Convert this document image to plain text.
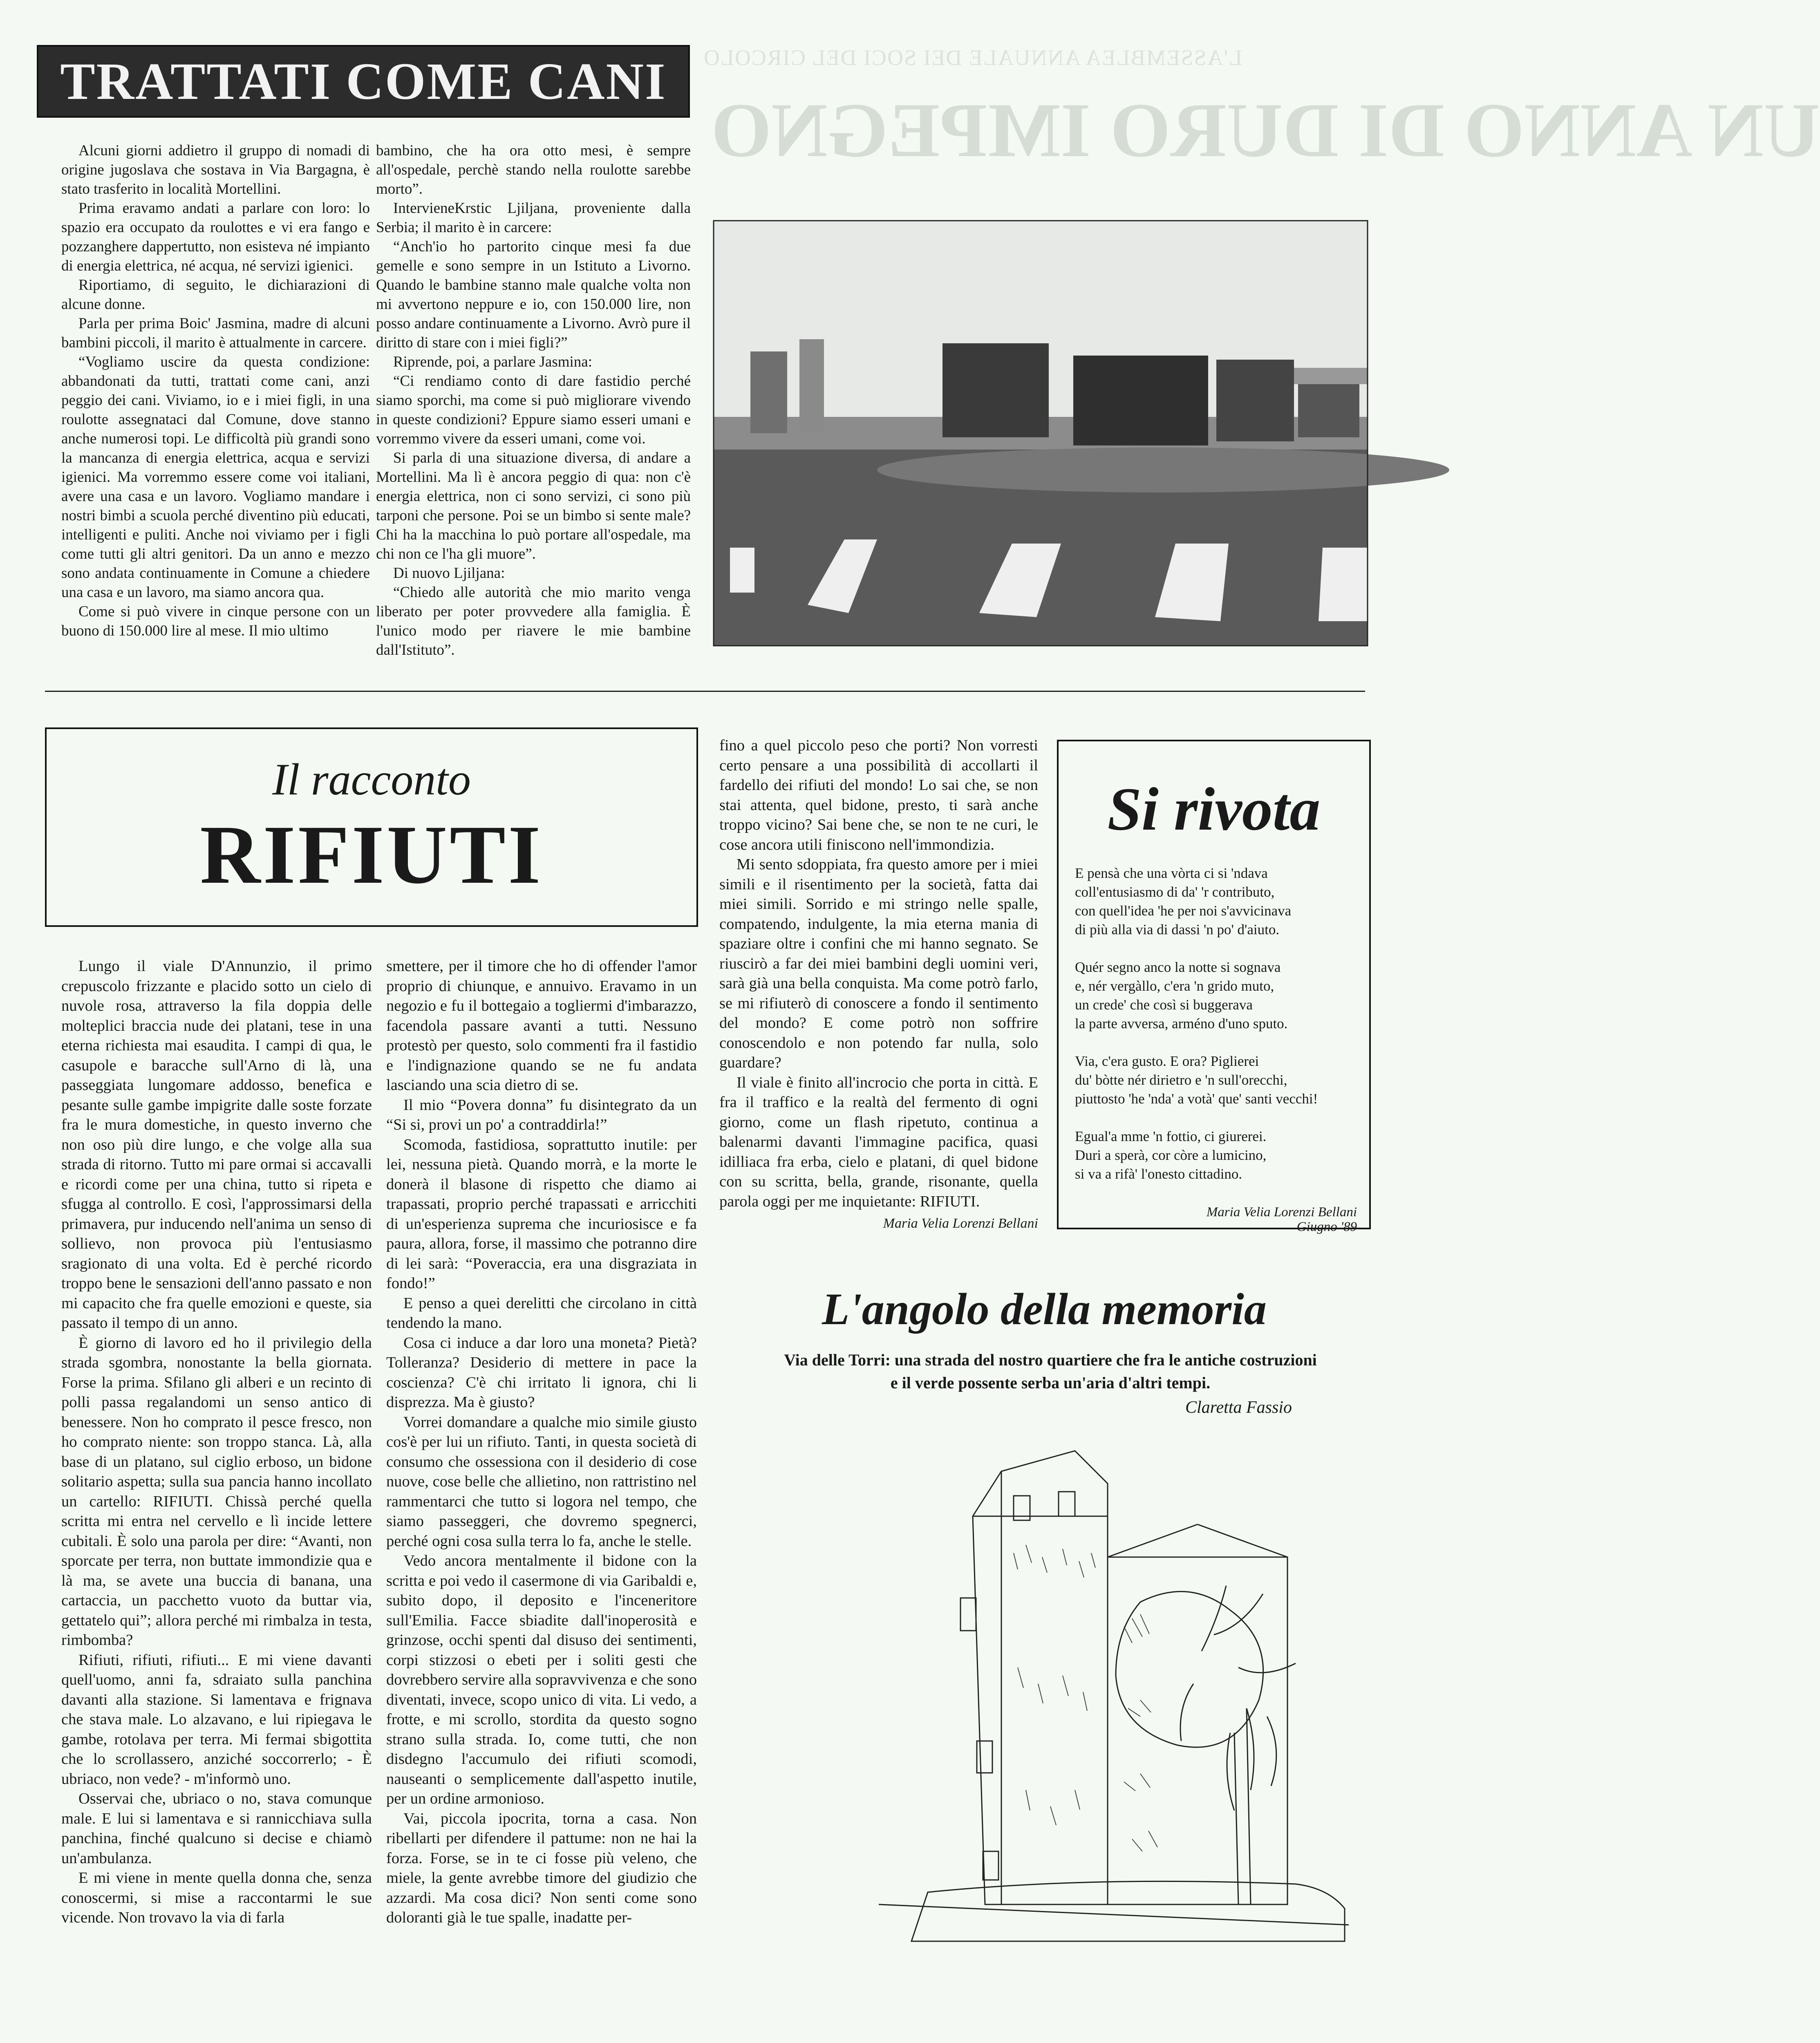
TRATTATI COME CANI

Alcuni giorni addietro il gruppo di nomadi di origine jugoslava che sostava in Via Bargagna, è stato trasferito in località Mortellini.

Prima eravamo andati a parlare con loro: lo spazio era occupato da roulottes e vi era fango e pozzanghere dappertutto, non esisteva né impianto di energia elettrica, né acqua, né servizi igienici.

Riportiamo, di seguito, le dichiarazioni di alcune donne.

Parla per prima Boic' Jasmina, madre di alcuni bambini piccoli, il marito è attualmente in carcere.

“Vogliamo uscire da questa condizione: abbandonati da tutti, trattati come cani, anzi peggio dei cani. Viviamo, io e i miei figli, in una roulotte assegnataci dal Comune, dove stanno anche numerosi topi. Le difficoltà più grandi sono la mancanza di energia elettrica, acqua e servizi igienici. Ma vorremmo essere come voi italiani, avere una casa e un lavoro. Vogliamo mandare i nostri bimbi a scuola perché diventino più educati, intelligenti e puliti. Anche noi viviamo per i figli come tutti gli altri genitori. Da un anno e mezzo sono andata continuamente in Comune a chiedere una casa e un lavoro, ma siamo ancora qua.

Come si può vivere in cinque persone con un buono di 150.000 lire al mese. Il mio ultimo

bambino, che ha ora otto mesi, è sempre all'ospedale, perchè stando nella roulotte sarebbe morto”.

IntervieneKrstic Ljiljana, proveniente dalla Serbia; il marito è in carcere:

“Anch'io ho partorito cinque mesi fa due gemelle e sono sempre in un Istituto a Livorno. Quando le bambine stanno male qualche volta non mi avvertono neppure e io, con 150.000 lire, non posso andare continuamente a Livorno. Avrò pure il diritto di stare con i miei figli?”

Riprende, poi, a parlare Jasmina:

“Ci rendiamo conto di dare fastidio perché siamo sporchi, ma come si può migliorare vivendo in queste condizioni? Eppure siamo esseri umani e vorremmo vivere da esseri umani, come voi.

Si parla di una situazione diversa, di andare a Mortellini. Ma lì è ancora peggio di qua: non c'è energia elettrica, non ci sono servizi, ci sono più tarponi che persone. Poi se un bimbo si sente male? Chi ha la macchina lo può portare all'ospedale, ma chi non ce l'ha gli muore”.

Di nuovo Ljiljana:

“Chiedo alle autorità che mio marito venga liberato per poter provvedere alla famiglia. È l'unico modo per riavere le mie bambine dall'Istituto”.

L'ASSEMBLEA ANNUALE DEI SOCI DEL CIRCOLO
UN ANNO DI DURO IMPEGNO
Il racconto
RIFIUTI

Lungo il viale D'Annunzio, il primo crepuscolo frizzante e placido sotto un cielo di nuvole rosa, attraverso la fila doppia delle molteplici braccia nude dei platani, tese in una eterna richiesta mai esaudita. I campi di qua, le casupole e baracche sull'Arno di là, una passeggiata lungomare addosso, benefica e pesante sulle gambe impigrite dalle soste forzate fra le mura domestiche, in questo inverno che non oso più dire lungo, e che volge alla sua strada di ritorno. Tutto mi pare ormai si accavalli e ricordi come per una china, tutto si ripeta e sfugga al controllo. E così, l'approssimarsi della primavera, pur inducendo nell'anima un senso di sollievo, non provoca più l'entusiasmo sragionato di una volta. Ed è perché ricordo troppo bene le sensazioni dell'anno passato e non mi capacito che fra quelle emozioni e queste, sia passato il tempo di un anno.

È giorno di lavoro ed ho il privilegio della strada sgombra, nonostante la bella giornata. Forse la prima. Sfilano gli alberi e un recinto di polli passa regalandomi un senso antico di benessere. Non ho comprato il pesce fresco, non ho comprato niente: son troppo stanca. Là, alla base di un platano, sul ciglio erboso, un bidone solitario aspetta; sulla sua pancia hanno incollato un cartello: RIFIUTI. Chissà perché quella scritta mi entra nel cervello e lì incide lettere cubitali. È solo una parola per dire: “Avanti, non sporcate per terra, non buttate immondizie qua e là ma, se avete una buccia di banana, una cartaccia, un pacchetto vuoto da buttar via, gettatelo qui”; allora perché mi rimbalza in testa, rimbomba?

Rifiuti, rifiuti, rifiuti... E mi viene davanti quell'uomo, anni fa, sdraiato sulla panchina davanti alla stazione. Si lamentava e frignava che stava male. Lo alzavano, e lui ripiegava le gambe, rotolava per terra. Mi fermai sbigottita che lo scrollassero, anziché soccorrerlo; - È ubriaco, non vede? - m'informò uno.

Osservai che, ubriaco o no, stava comunque male. E lui si lamentava e si rannicchiava sulla panchina, finché qualcuno si decise e chiamò un'ambulanza.

E mi viene in mente quella donna che, senza conoscermi, si mise a raccontarmi le sue vicende. Non trovavo la via di farla

smettere, per il timore che ho di offender l'amor proprio di chiunque, e annuivo. Eravamo in un negozio e fu il bottegaio a togliermi d'imbarazzo, facendola passare avanti a tutti. Nessuno protestò per questo, solo commenti fra il fastidio e l'indignazione quando se ne fu andata lasciando una scia dietro di se.

Il mio “Povera donna” fu disintegrato da un “Si si, provi un po' a contraddirla!”

Scomoda, fastidiosa, soprattutto inutile: per lei, nessuna pietà. Quando morrà, e la morte le donerà il blasone di rispetto che diamo ai trapassati, proprio perché trapassati e arricchiti di un'esperienza suprema che incuriosisce e fa paura, allora, forse, il massimo che potranno dire di lei sarà: “Poveraccia, era una disgraziata in fondo!”

E penso a quei derelitti che circolano in città tendendo la mano.

Cosa ci induce a dar loro una moneta? Pietà? Tolleranza? Desiderio di mettere in pace la coscienza? C'è chi irritato li ignora, chi li disprezza. Ma è giusto?

Vorrei domandare a qualche mio simile giusto cos'è per lui un rifiuto. Tanti, in questa società di consumo che ossessiona con il desiderio di cose nuove, cose belle che allietino, non rattristino nel rammentarci che tutto si logora nel tempo, che siamo passeggeri, che dovremo spegnerci, perché ogni cosa sulla terra lo fa, anche le stelle.

Vedo ancora mentalmente il bidone con la scritta e poi vedo il casermone di via Garibaldi e, subito dopo, il deposito e l'inceneritore sull'Emilia. Facce sbiadite dall'inoperosità e grinzose, occhi spenti dal disuso dei sentimenti, corpi stizzosi o ebeti per i soliti gesti che dovrebbero servire alla sopravvivenza e che sono diventati, invece, scopo unico di vita. Li vedo, a frotte, e mi scrollo, stordita da questo sogno strano sulla strada. Io, come tutti, che non disdegno l'accumulo dei rifiuti scomodi, nauseanti o semplicemente dall'aspetto inutile, per un ordine armonioso.

Vai, piccola ipocrita, torna a casa. Non ribellarti per difendere il pattume: non ne hai la forza. Forse, se in te ci fosse più veleno, che miele, la gente avrebbe timore del giudizio che azzardi. Ma cosa dici? Non senti come sono doloranti già le tue spalle, inadatte per-

fino a quel piccolo peso che porti? Non vorresti certo pensare a una possibilità di accollarti il fardello dei rifiuti del mondo! Lo sai che, se non stai attenta, quel bidone, presto, ti sarà anche troppo vicino? Sai bene che, se non te ne curi, le cose ancora utili finiscono nell'immondizia.

Mi sento sdoppiata, fra questo amore per i miei simili e il risentimento per la società, fatta dai miei simili. Sorrido e mi stringo nelle spalle, compatendo, indulgente, la mia eterna mania di spaziare oltre i confini che mi hanno segnato. Se riuscirò a far dei miei bambini degli uomini veri, sarà già una bella conquista. Ma come potrò farlo, se mi rifiuterò di conoscere a fondo il sentimento del mondo? E come potrò non soffrire conoscendolo e non potendo far nulla, solo guardare?

Il viale è finito all'incrocio che porta in città. E fra il traffico e la realtà del fermento di ogni giorno, come un flash ripetuto, continua a balenarmi davanti l'immagine pacifica, quasi idilliaca fra erba, cielo e platani, di quel bidone con su scritta, bella, grande, risonante, quella parola oggi per me inquietante: RIFIUTI.

Maria Velia Lorenzi Bellani

Si rivota
E pensà che una vòrta ci si 'ndava
coll'entusiasmo di da' 'r contributo,
con quell'idea 'he per noi s'avvicinava
di più alla via di dassi 'n po' d'aiuto.
Quér segno anco la notte si sognava
e, nér vergàllo, c'era 'n grido muto,
un crede' che così si buggerava
la parte avversa, arméno d'uno sputo.
Via, c'era gusto. E ora? Piglierei
du' bòtte nér dirietro e 'n sull'orecchi,
piuttosto 'he 'nda' a votà' que' santi vecchi!
Egual'a mme 'n fottio, ci giurerei.
Duri a sperà, cor còre a lumicino,
si va a rifà' l'onesto cittadino.
Maria Velia Lorenzi Bellani
Giugno '89
L'angolo della memoria
Via delle Torri: una strada del nostro quartiere che fra le antiche costruzioni
e il verde possente serba un'aria d'altri tempi.
Claretta Fassio
